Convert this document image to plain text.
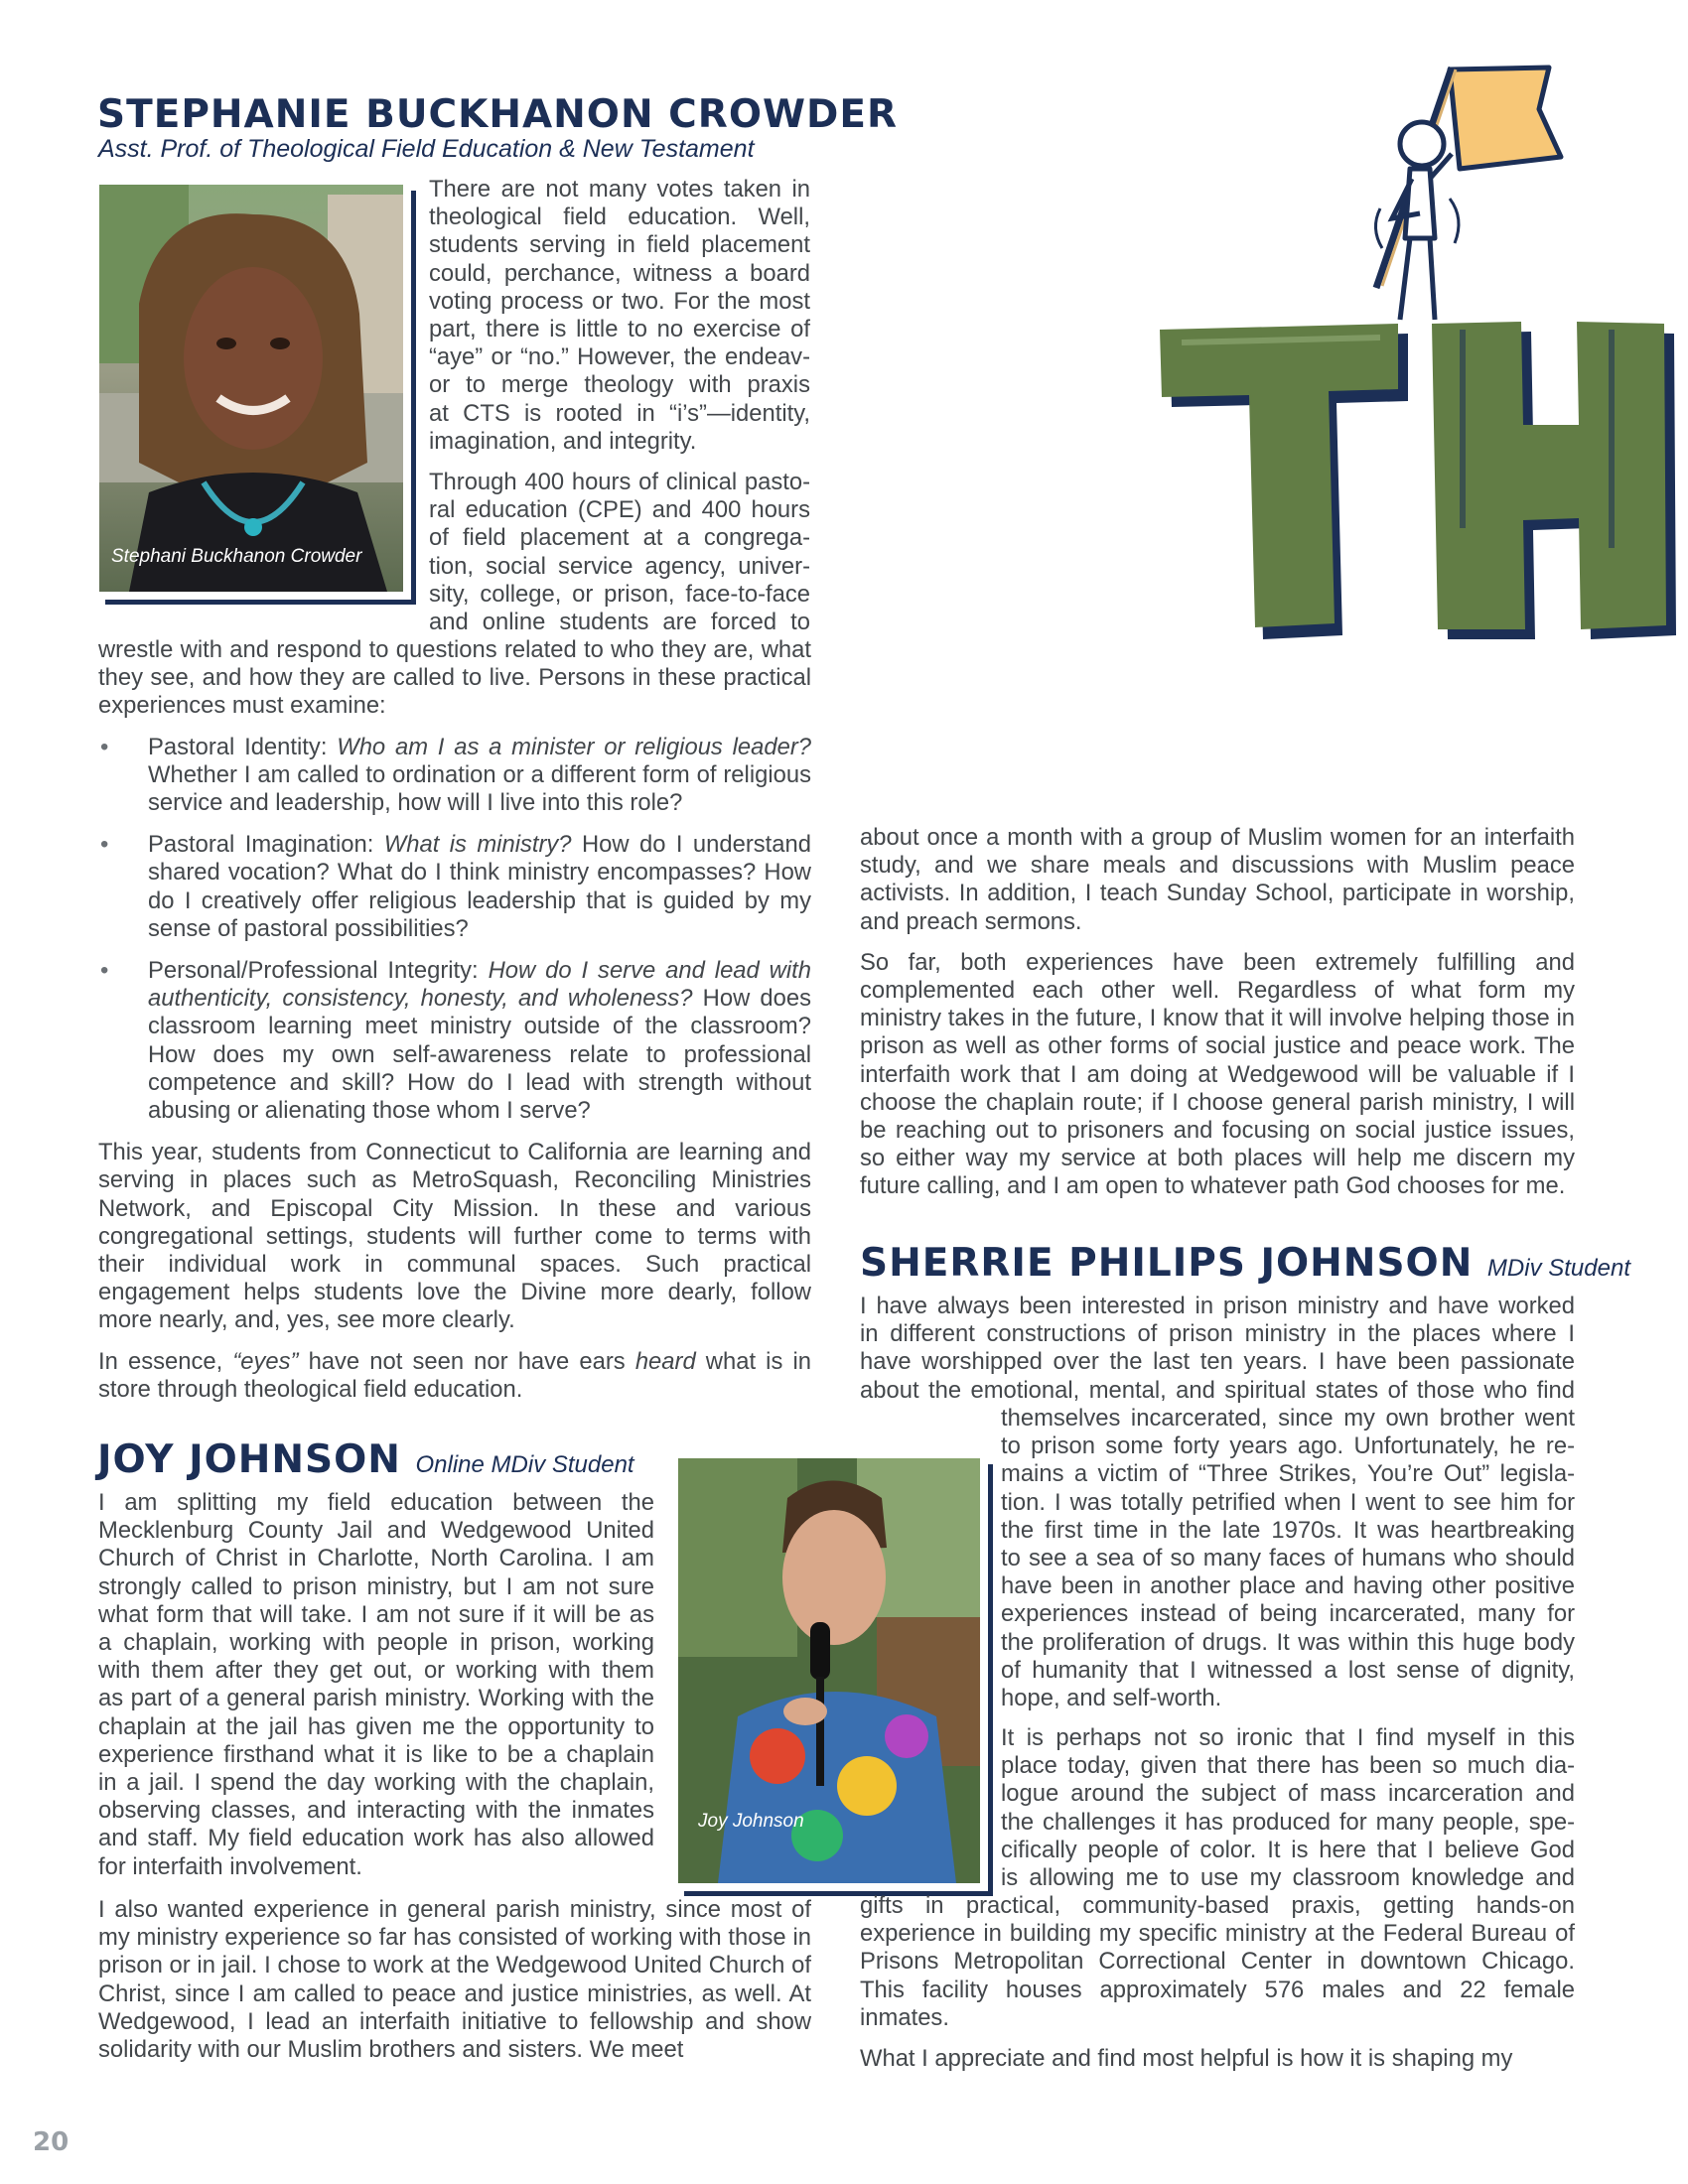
STEPHANIE BUCKHANON CROWDER
Asst. Prof. of Theological Field Education & New Testament
Stephani Buckhanon Crowder
There are not many votes taken in
theological field education. Well,
students serving in field placement
could, perchance, witness a board
voting process or two. For the most
part, there is little to no exercise of
“aye” or “no.” However, the endeav-
or to merge theology with praxis
at CTS is rooted in “i’s”—identity,
imagination, and integrity.
Through 400 hours of clinical pasto-
ral education (CPE) and 400 hours
of field placement at a congrega-
tion, social service agency, univer-
sity, college, or prison, face-to-face
and online students are forced to

wrestle with and respond to questions related to who they are, what they see, and how they are called to live. Persons in these practical experiences must examine:

• Pastoral Identity: Who am I as a minister or religious leader? Whether I am called to ordination or a different form of religious service and leadership, how will I live into this role?
• Pastoral Imagination: What is ministry? How do I understand shared vocation? What do I think ministry encompasses? How do I creatively offer religious leadership that is guided by my sense of pastoral possibilities?
• Personal/Professional Integrity: How do I serve and lead with authenticity, consistency, honesty, and wholeness? How does classroom learning meet ministry outside of the classroom? How does my own self-awareness relate to professional competence and skill? How do I lead with strength without abusing or alienating those whom I serve?

This year, students from Connecticut to California are learning and serving in places such as MetroSquash, Reconciling Ministries Network, and Episcopal City Mission. In these and various congregational settings, students will further come to terms with their individual work in communal spaces. Such practical engagement helps students love the Divine more dearly, follow more nearly, and, yes, see more clearly.

In essence, “eyes” have not seen nor have ears heard what is in store through theological field education.

JOY JOHNSON Online MDiv Student
I am splitting my field education between the
Mecklenburg County Jail and Wedgewood United
Church of Christ in Charlotte, North Carolina. I am
strongly called to prison ministry, but I am not sure
what form that will take. I am not sure if it will be as
a chaplain, working with people in prison, working
with them after they get out, or working with them
as part of a general parish ministry. Working with the
chaplain at the jail has given me the opportunity to
experience firsthand what it is like to be a chaplain
in a jail. I spend the day working with the chaplain,
observing classes, and interacting with the inmates
and staff. My field education work has also allowed
for interfaith involvement.
Joy Johnson

I also wanted experience in general parish ministry, since most of my ministry experience so far has consisted of working with those in prison or in jail. I chose to work at the Wedgewood United Church of Christ, since I am called to peace and justice ministries, as well. At Wedgewood, I lead an interfaith initiative to fellowship and show solidarity with our Muslim brothers and sisters. We meet

about once a month with a group of Muslim women for an interfaith study, and we share meals and discussions with Muslim peace activists. In addition, I teach Sunday School, participate in worship, and preach sermons.

So far, both experiences have been extremely fulfilling and complemented each other well. Regardless of what form my ministry takes in the future, I know that it will involve helping those in prison as well as other forms of social justice and peace work. The interfaith work that I am doing at Wedgewood will be valuable if I choose the chaplain route; if I choose general parish ministry, I will be reaching out to prisoners and focusing on social justice issues, so either way my service at both places will help me discern my future calling, and I am open to whatever path God chooses for me.

SHERRIE PHILIPS JOHNSON MDiv Student
I have always been interested in prison ministry and have worked
in different constructions of prison ministry in the places where I
have worshipped over the last ten years. I have been passionate
about the emotional, mental, and spiritual states of those who find
themselves incarcerated, since my own brother went
to prison some forty years ago. Unfortunately, he re-
mains a victim of “Three Strikes, You’re Out” legisla-
tion. I was totally petrified when I went to see him for
the first time in the late 1970s. It was heartbreaking
to see a sea of so many faces of humans who should
have been in another place and having other positive
experiences instead of being incarcerated, many for
the proliferation of drugs. It was within this huge body
of humanity that I witnessed a lost sense of dignity,
hope, and self-worth.
It is perhaps not so ironic that I find myself in this
place today, given that there has been so much dia-
logue around the subject of mass incarceration and
the challenges it has produced for many people, spe-
cifically people of color. It is here that I believe God
is allowing me to use my classroom knowledge and

gifts in practical, community-based praxis, getting hands-on experience in building my specific ministry at the Federal Bureau of Prisons Metropolitan Correctional Center in downtown Chicago. This facility houses approximately 576 males and 22 female inmates.

What I appreciate and find most helpful is how it is shaping my

TH
20
